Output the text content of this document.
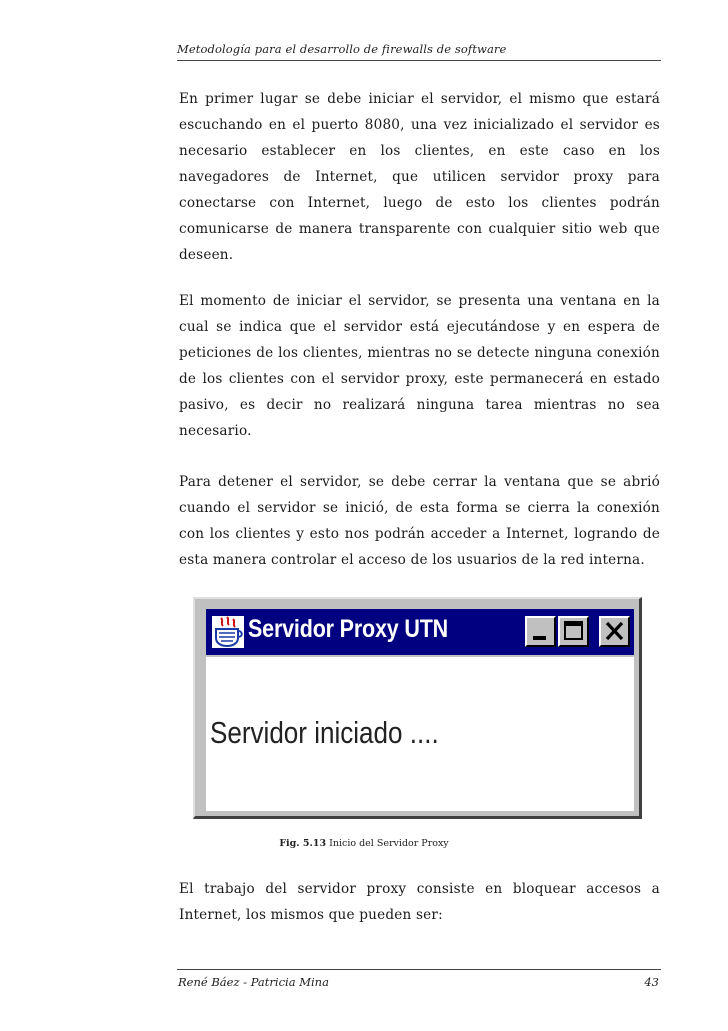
Metodología para el desarrollo de firewalls de software

En primer lugar se debe iniciar el servidor, el mismo que estará escuchando en el puerto 8080, una vez inicializado el servidor es necesario establecer en los clientes, en este caso en los navegadores de Internet, que utilicen servidor proxy para conectarse con Internet, luego de esto los clientes podrán comunicarse de manera transparente con cualquier sitio web que deseen.

El momento de iniciar el servidor, se presenta una ventana en la cual se indica que el servidor está ejecutándose y en espera de peticiones de los clientes, mientras no se detecte ninguna conexión de los clientes con el servidor proxy, este permanecerá en estado pasivo, es decir no realizará ninguna tarea mientras no sea necesario.

Para detener el servidor, se debe cerrar la ventana que se abrió cuando el servidor se inició, de esta forma se cierra la conexión con los clientes y esto nos podrán acceder a Internet, logrando de esta manera controlar el acceso de los usuarios de la red interna.

Servidor Proxy UTN
Servidor iniciado ....
Fig. 5.13 Inicio del Servidor Proxy

El trabajo del servidor proxy consiste en bloquear accesos a Internet, los mismos que pueden ser:

René Báez - Patricia Mina	43
